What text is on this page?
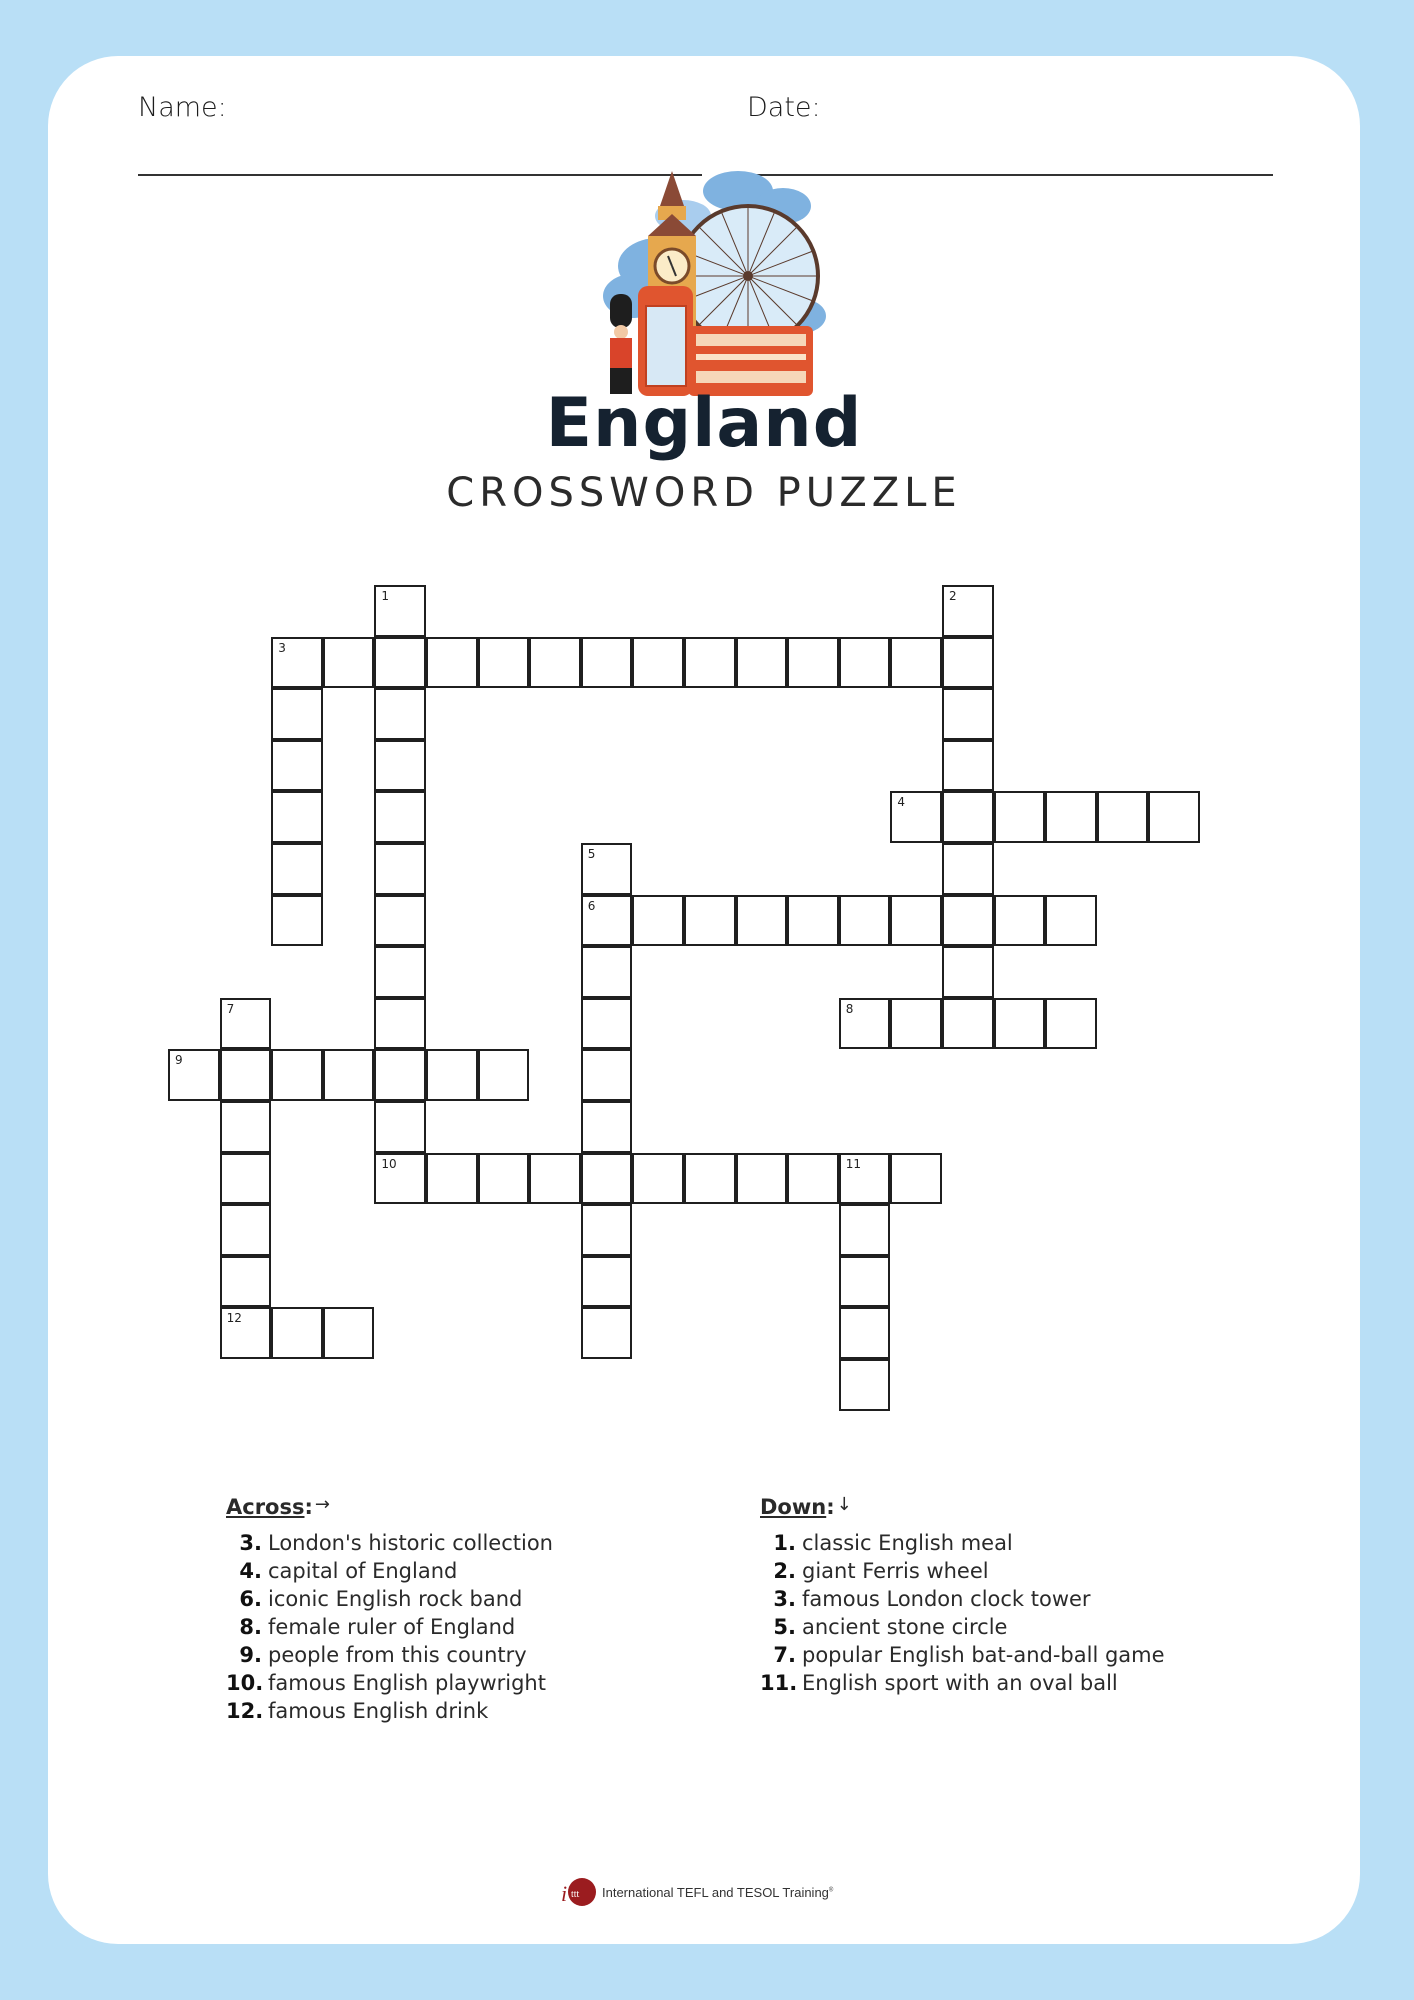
Name:	Date:
England
CROSSWORD PUZZLE
1	2
3
4
5
6
7
12
8
9
10	11
Across: →
3. London's historic collection
4. capital of England
6. iconic English rock band
8. female ruler of England
9. people from this country
10. famous English playwright
12. famous English drink
Down: ↓
1. classic English meal
2. giant Ferris wheel
3. famous London clock tower
5. ancient stone circle
7. popular English bat-and-ball game
11. English sport with an oval ball
i ttt International TEFL and TESOL Training®
